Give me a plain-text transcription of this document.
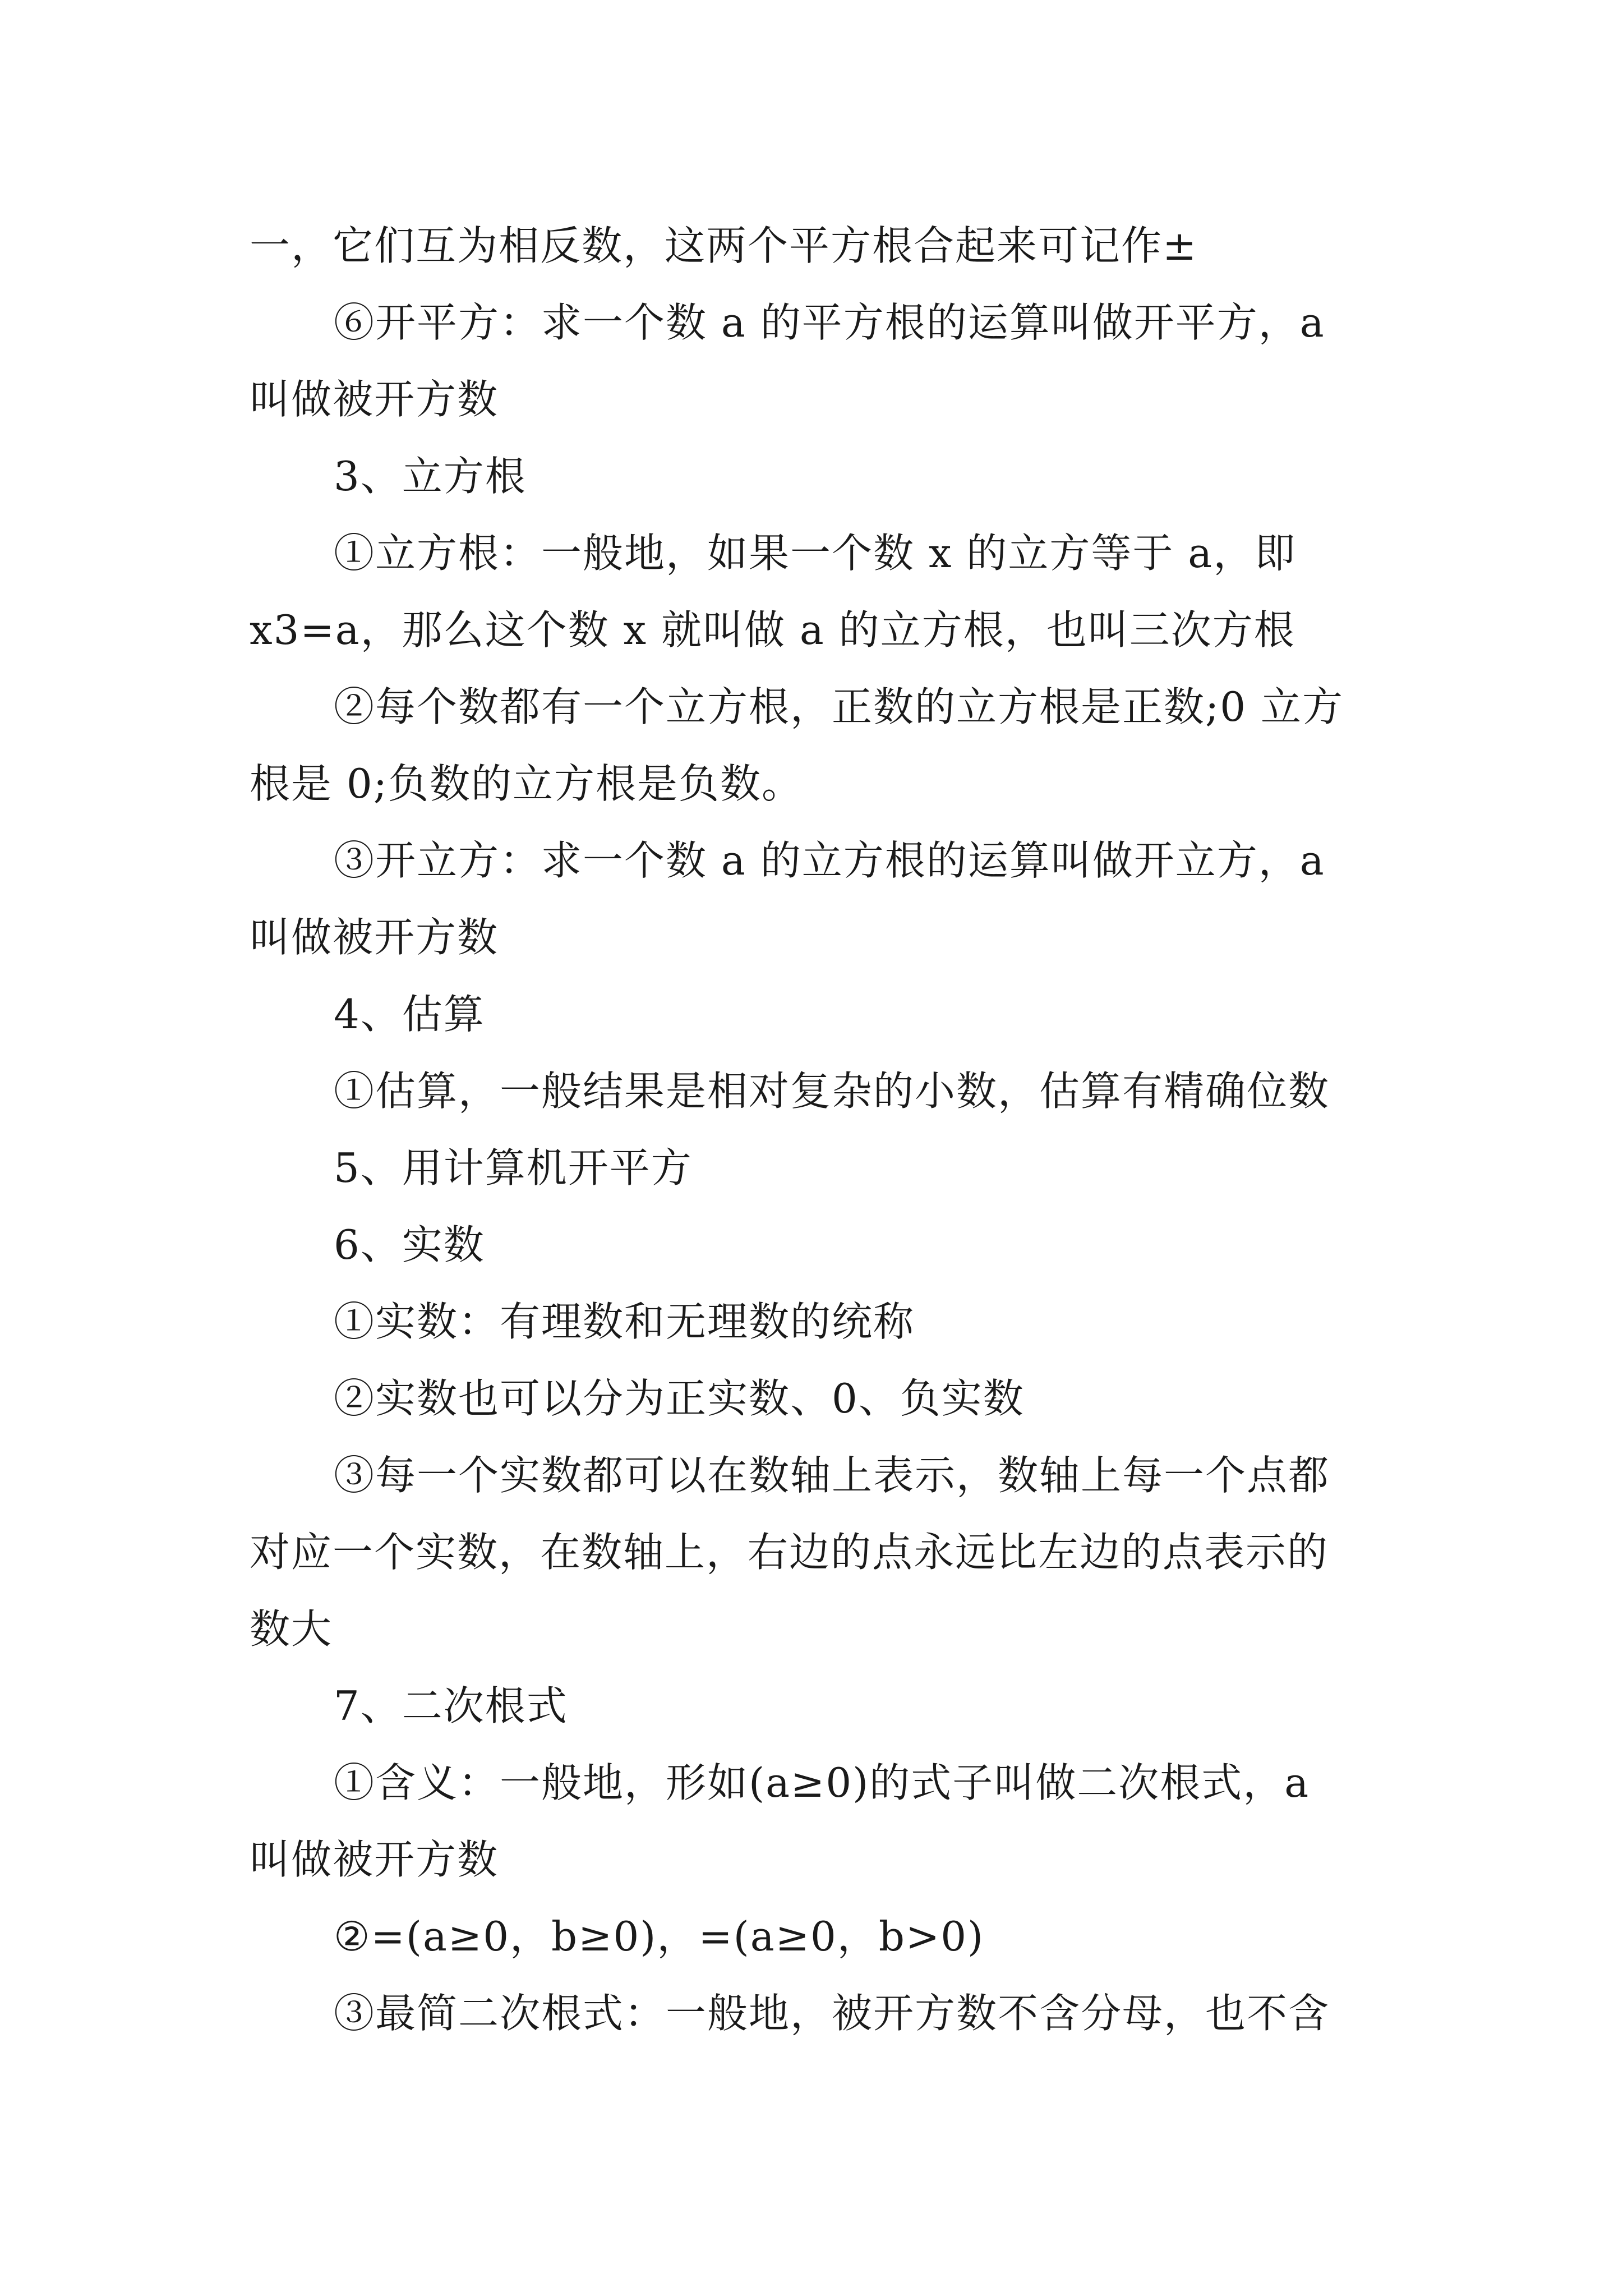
一，它们互为相反数，这两个平方根合起来可记作±

⑥开平方：求一个数 a 的平方根的运算叫做开平方，a

叫做被开方数

3、立方根

①立方根：一般地，如果一个数 x 的立方等于 a，即

x3=a，那么这个数 x 就叫做 a 的立方根，也叫三次方根

②每个数都有一个立方根，正数的立方根是正数;0 立方

根是 0;负数的立方根是负数。

③开立方：求一个数 a 的立方根的运算叫做开立方，a

叫做被开方数

4、估算

①估算，一般结果是相对复杂的小数，估算有精确位数

5、用计算机开平方

6、实数

①实数：有理数和无理数的统称

②实数也可以分为正实数、0、负实数

③每一个实数都可以在数轴上表示，数轴上每一个点都

对应一个实数，在数轴上，右边的点永远比左边的点表示的

数大

7、二次根式

①含义：一般地，形如(a≥0)的式子叫做二次根式，a

叫做被开方数

②=(a≥0，b≥0)，=(a≥0，b>0)

③最简二次根式：一般地，被开方数不含分母，也不含
